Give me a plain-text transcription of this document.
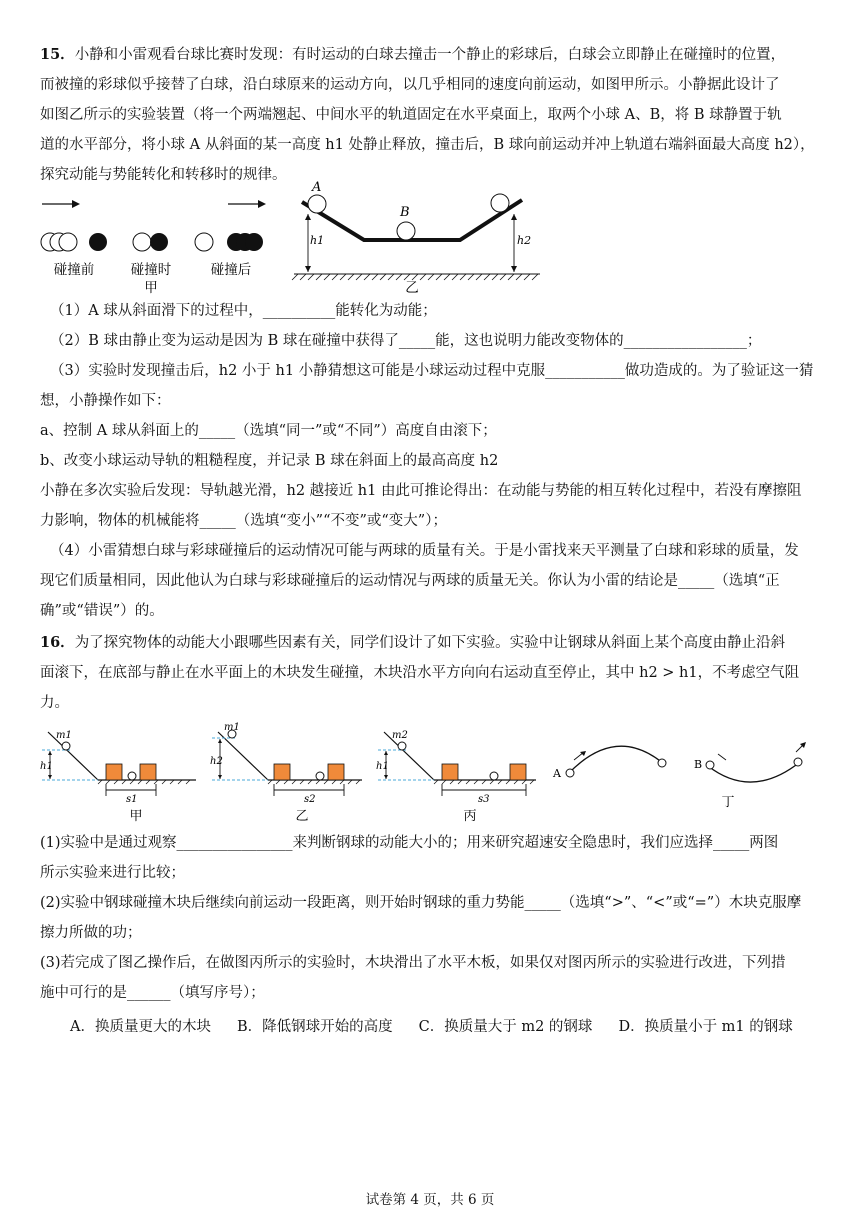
15．小静和小雷观看台球比赛时发现：有时运动的白球去撞击一个静止的彩球后，白球会立即静止在碰撞时的位置，
而被撞的彩球似乎接替了白球，沿白球原来的运动方向，以几乎相同的速度向前运动，如图甲所示。小静据此设计了
如图乙所示的实验装置（将一个两端翘起、中间水平的轨道固定在水平桌面上，取两个小球 A、B，将 B 球静置于轨
道的水平部分，将小球 A 从斜面的某一高度 h1 处静止释放，撞击后，B 球向前运动并冲上轨道右端斜面最大高度 h2），
探究动能与势能转化和转移时的规律。

碰撞前	碰撞时
甲
碰撞后
A
B
h1	h2
乙

（1）A 球从斜面滑下的过程中，__________能转化为动能；
（2）B 球由静止变为运动是因为 B 球在碰撞中获得了_____能，这也说明力能改变物体的_________________；
（3）实验时发现撞击后，h2 小于 h1 小静猜想这可能是小球运动过程中克服___________做功造成的。为了验证这一猜

想，小静操作如下：
a、控制 A 球从斜面上的_____（选填“同一”或“不同”）高度自由滚下；
b、改变小球运动导轨的粗糙程度，并记录 B 球在斜面上的最高高度 h2
小静在多次实验后发现：导轨越光滑，h2 越接近 h1 由此可推论得出：在动能与势能的相互转化过程中，若没有摩擦阻
力影响，物体的机械能将_____（选填“变小”“不变”或“变大”）；

（4）小雷猜想白球与彩球碰撞后的运动情况可能与两球的质量有关。于是小雷找来天平测量了白球和彩球的质量，发

现它们质量相同，因此他认为白球与彩球碰撞后的运动情况与两球的质量无关。你认为小雷的结论是_____（选填“正
确”或“错误”）的。

16．为了探究物体的动能大小跟哪些因素有关，同学们设计了如下实验。实验中让钢球从斜面上某个高度由静止沿斜
面滚下，在底部与静止在水平面上的木块发生碰撞，木块沿水平方向向右运动直至停止，其中 h2 > h1，不考虑空气阻
力。

m1
h1
s1
甲
m1
h2
s2
乙
m2
h1
s3
丙
A
B
丁

(1)实验中是通过观察________________来判断钢球的动能大小的；用来研究超速安全隐患时，我们应选择_____两图
所示实验来进行比较；
(2)实验中钢球碰撞木块后继续向前运动一段距离，则开始时钢球的重力势能_____（选填“>”、“<”或“=”）木块克服摩
擦力所做的功；
(3)若完成了图乙操作后，在做图丙所示的实验时，木块滑出了水平木板，如果仅对图丙所示的实验进行改进，下列措
施中可行的是______（填写序号）；

A．换质量更大的木块 B．降低钢球开始的高度 C．换质量大于 m2 的钢球 D．换质量小于 m1 的钢球
试卷第 4 页，共 6 页
